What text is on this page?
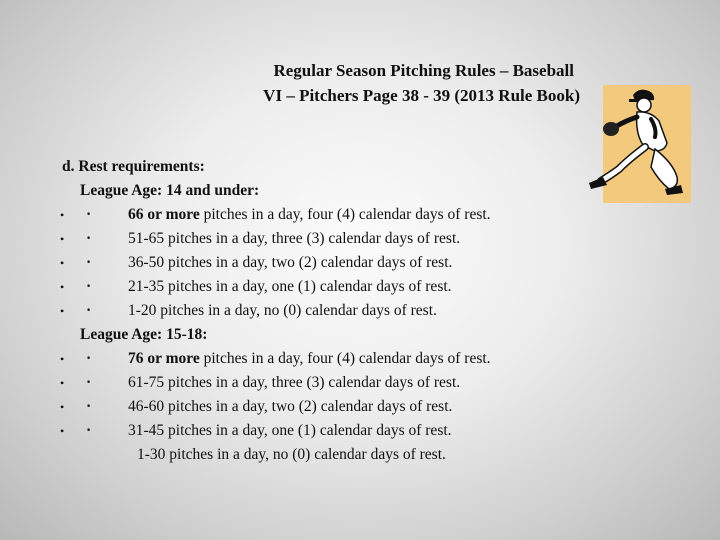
Regular Season Pitching Rules – Baseball
VI – Pitchers Page 38 - 39 (2013 Rule Book)
d. Rest requirements:
League Age: 14 and under:
• · 66 or more pitches in a day, four (4) calendar days of rest.
• · 51-65 pitches in a day, three (3) calendar days of rest.
• · 36-50 pitches in a day, two (2) calendar days of rest.
• · 21-35 pitches in a day, one (1) calendar days of rest.
• · 1-20 pitches in a day, no (0) calendar days of rest.
League Age: 15-18:
• · 76 or more pitches in a day, four (4) calendar days of rest.
• · 61-75 pitches in a day, three (3) calendar days of rest.
• · 46-60 pitches in a day, two (2) calendar days of rest.
• · 31-45 pitches in a day, one (1) calendar days of rest.
1-30 pitches in a day, no (0) calendar days of rest.
